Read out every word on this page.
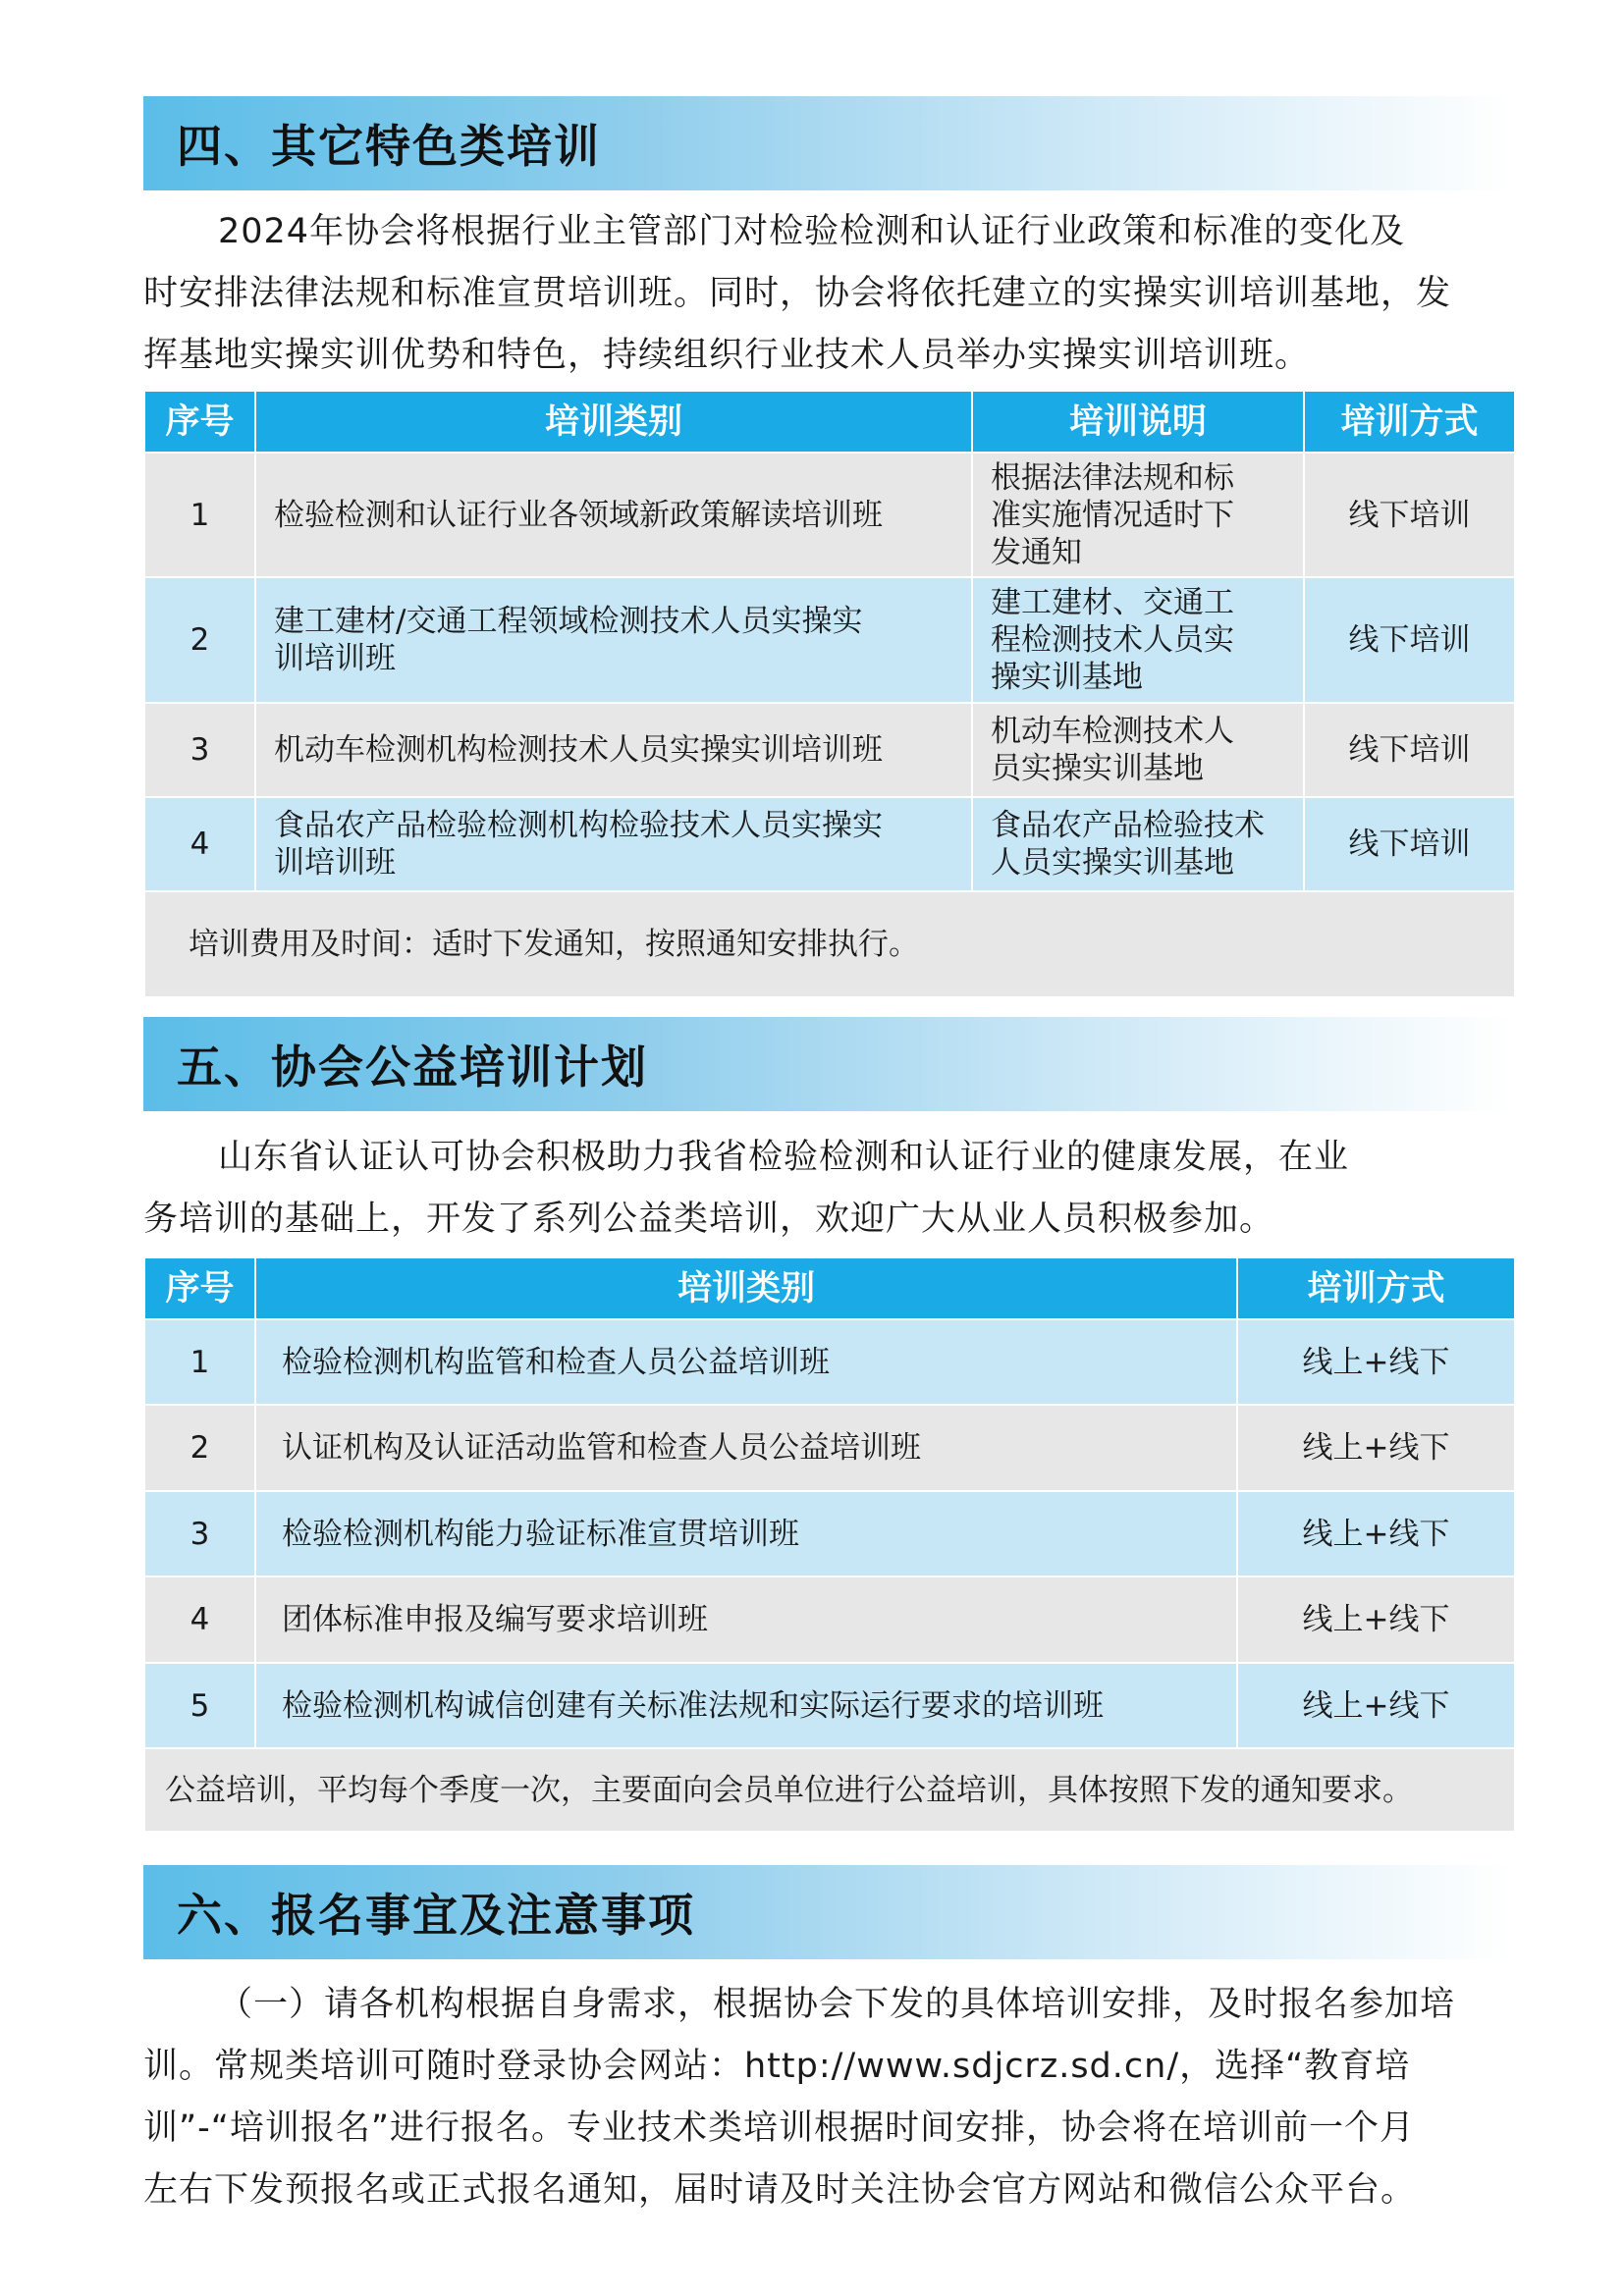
四、其它特色类培训
2024年协会将根据行业主管部门对检验检测和认证行业政策和标准的变化及
时安排法律法规和标准宣贯培训班。同时，协会将依托建立的实操实训培训基地，发
挥基地实操实训优势和特色，持续组织行业技术人员举办实操实训培训班。
序号	培训类别	培训说明	培训方式
1	检验检测和认证行业各领域新政策解读培训班	根据法律法规和标
准实施情况适时下
发通知	线下培训
2	建工建材/交通工程领域检测技术人员实操实
训培训班	建工建材、交通工
程检测技术人员实
操实训基地	线下培训
3	机动车检测机构检测技术人员实操实训培训班	机动车检测技术人
员实操实训基地	线下培训
4	食品农产品检验检测机构检验技术人员实操实
训培训班	食品农产品检验技术
人员实操实训基地	线下培训
培训费用及时间：适时下发通知，按照通知安排执行。			
五、协会公益培训计划
山东省认证认可协会积极助力我省检验检测和认证行业的健康发展，在业
务培训的基础上，开发了系列公益类培训，欢迎广大从业人员积极参加。
序号	培训类别	培训方式
1	检验检测机构监管和检查人员公益培训班	线上+线下
2	认证机构及认证活动监管和检查人员公益培训班	线上+线下
3	检验检测机构能力验证标准宣贯培训班	线上+线下
4	团体标准申报及编写要求培训班	线上+线下
5	检验检测机构诚信创建有关标准法规和实际运行要求的培训班	线上+线下
公益培训，平均每个季度一次，主要面向会员单位进行公益培训，具体按照下发的通知要求。		
六、报名事宜及注意事项
（一）请各机构根据自身需求，根据协会下发的具体培训安排，及时报名参加培
训。常规类培训可随时登录协会网站：http://www.sdjcrz.sd.cn/，选择“教育培
训”-“培训报名”进行报名。专业技术类培训根据时间安排，协会将在培训前一个月
左右下发预报名或正式报名通知，届时请及时关注协会官方网站和微信公众平台。
